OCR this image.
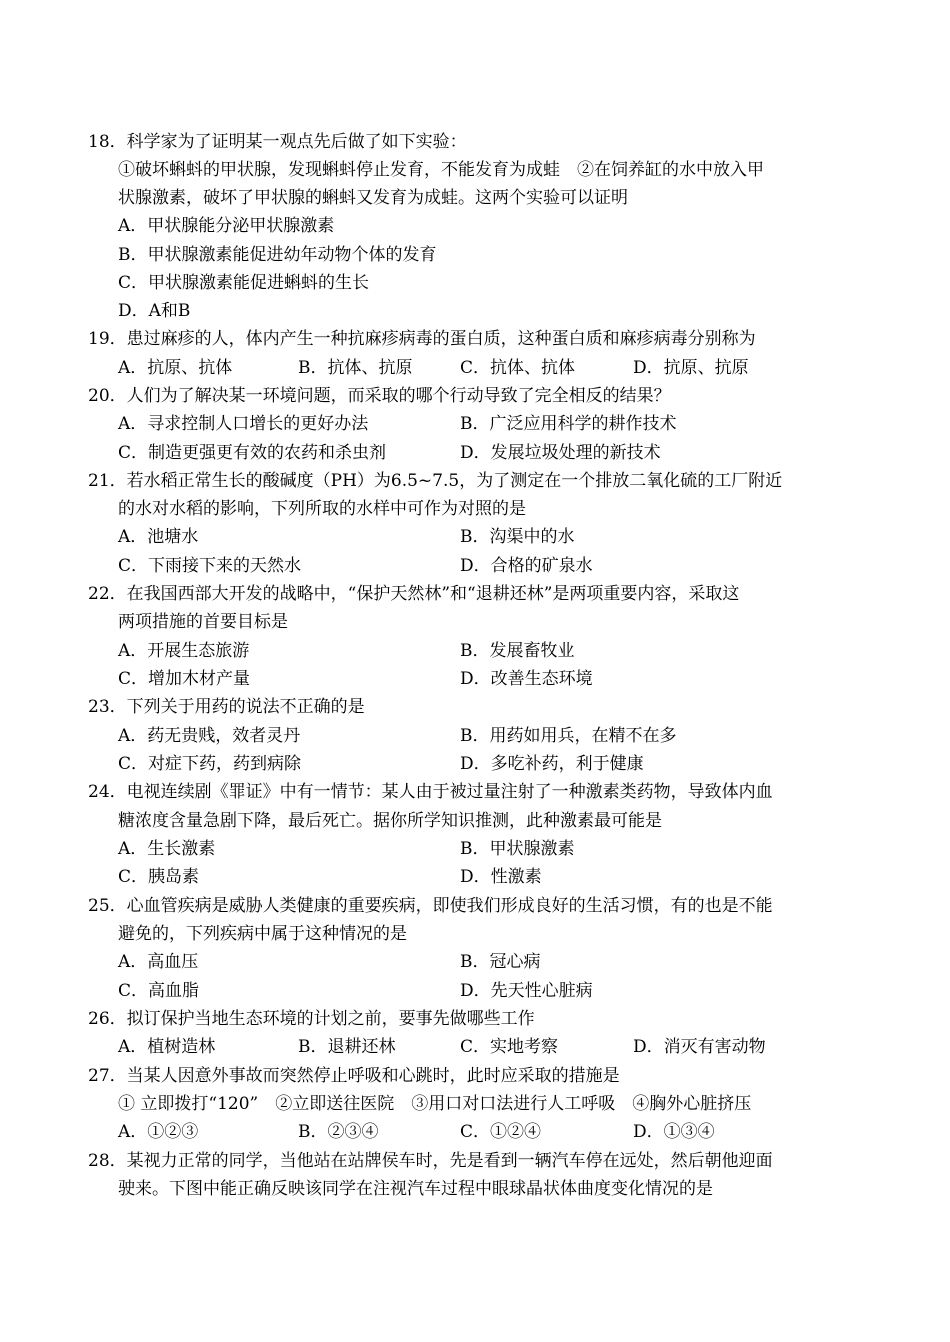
18．科学家为了证明某一观点先后做了如下实验：
①破坏蝌蚪的甲状腺，发现蝌蚪停止发育，不能发育为成蛙　②在饲养缸的水中放入甲
状腺激素，破坏了甲状腺的蝌蚪又发育为成蛙。这两个实验可以证明
A．甲状腺能分泌甲状腺激素
B．甲状腺激素能促进幼年动物个体的发育
C．甲状腺激素能促进蝌蚪的生长
D．A和B
19．患过麻疹的人，体内产生一种抗麻疹病毒的蛋白质，这种蛋白质和麻疹病毒分别称为
A．抗原、抗体	B．抗体、抗原	C．抗体、抗体	D．抗原、抗原
20．人们为了解决某一环境问题，而采取的哪个行动导致了完全相反的结果？
A．寻求控制人口增长的更好办法	B．广泛应用科学的耕作技术
C．制造更强更有效的农药和杀虫剂	D．发展垃圾处理的新技术
21．若水稻正常生长的酸碱度（PH）为6.5~7.5，为了测定在一个排放二氧化硫的工厂附近
的水对水稻的影响，下列所取的水样中可作为对照的是
A．池塘水	B．沟渠中的水
C．下雨接下来的天然水	D．合格的矿泉水
22．在我国西部大开发的战略中，“保护天然林”和“退耕还林”是两项重要内容，采取这
两项措施的首要目标是
A．开展生态旅游	B．发展畜牧业
C．增加木材产量	D．改善生态环境
23．下列关于用药的说法不正确的是
A．药无贵贱，效者灵丹	B．用药如用兵，在精不在多
C．对症下药，药到病除	D．多吃补药，利于健康
24．电视连续剧《罪证》中有一情节：某人由于被过量注射了一种激素类药物，导致体内血
糖浓度含量急剧下降，最后死亡。据你所学知识推测，此种激素最可能是
A．生长激素	B．甲状腺激素
C．胰岛素	D．性激素
25．心血管疾病是威胁人类健康的重要疾病，即使我们形成良好的生活习惯，有的也是不能
避免的，下列疾病中属于这种情况的是
A．高血压	B．冠心病
C．高血脂	D．先天性心脏病
26．拟订保护当地生态环境的计划之前，要事先做哪些工作
A．植树造林	B．退耕还林	C．实地考察	D．消灭有害动物
27．当某人因意外事故而突然停止呼吸和心跳时，此时应采取的措施是
① 立即拨打“120”　②立即送往医院　③用口对口法进行人工呼吸　④胸外心脏挤压
A．①②③	B．②③④	C．①②④	D．①③④
28．某视力正常的同学，当他站在站牌侯车时，先是看到一辆汽车停在远处，然后朝他迎面
驶来。下图中能正确反映该同学在注视汽车过程中眼球晶状体曲度变化情况的是
